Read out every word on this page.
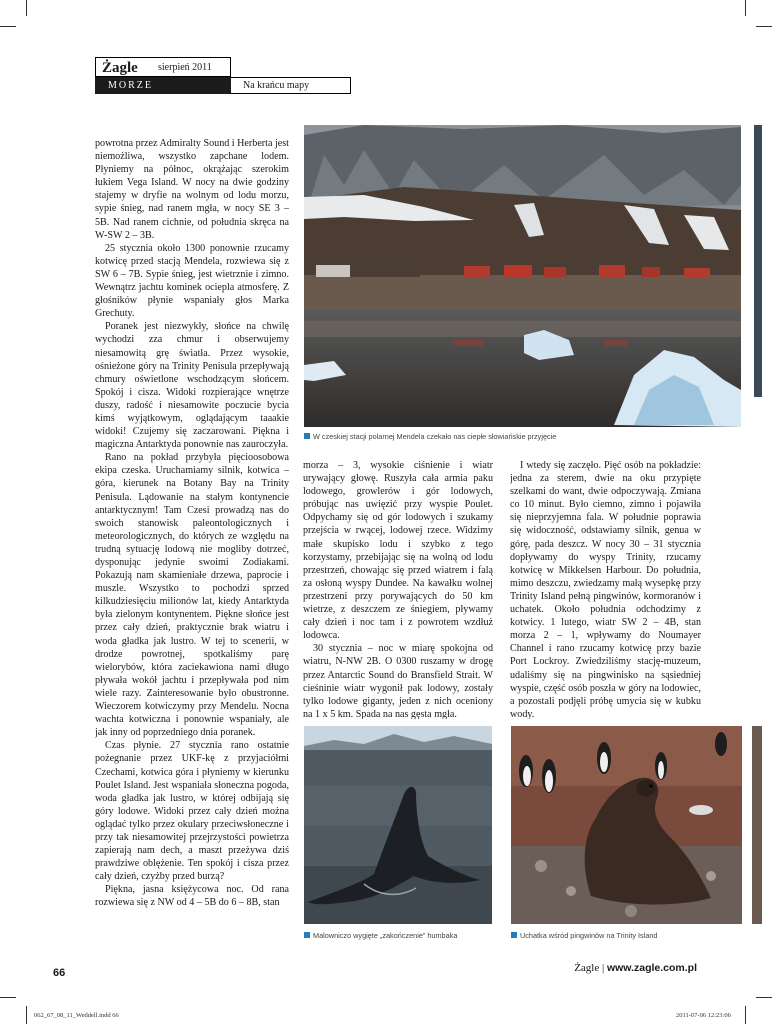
Żagle sierpień 2011
MORZE	Na krańcu mapy

powrotna przez Admiralty Sound i Herberta jest niemożliwa, wszystko zapchane lodem. Płyniemy na północ, okrążając szerokim łukiem Vega Island. W nocy na dwie godziny stajemy w dryfie na wolnym od lodu morzu, sypie śnieg, nad ranem mgła, w nocy SE 3 – 5B. Nad ranem cichnie, od południa skręca na W-SW 2 – 3B.

25 stycznia około 1300 ponownie rzucamy kotwicę przed stacją Mendela, rozwiewa się z SW 6 – 7B. Sypie śnieg, jest wietrznie i zimno. Wewnątrz jachtu kominek ociepla atmosferę. Z głośników płynie wspaniały głos Marka Grechuty.

Poranek jest niezwykły, słońce na chwilę wychodzi zza chmur i obserwujemy niesamowitą grę światła. Przez wysokie, ośnieżone góry na Trinity Penisula przepływają chmury oświetlone wschodzącym słońcem. Spokój i cisza. Widoki rozpierające wnętrze duszy, radość i niesamowite poczucie bycia kimś wyjątkowym, oglądającym taaakie widoki! Czujemy się zaczarowani. Piękna i magiczna Antarktyda ponownie nas zauroczyła.

Rano na pokład przybyła pięcioosobowa ekipa czeska. Uruchamiamy silnik, kotwica – góra, kierunek na Botany Bay na Trinity Penisula. Lądowanie na stałym kontynencie antarktycznym! Tam Czesi prowadzą nas do swoich stanowisk paleontologicznych i meteorologicznych, do których ze względu na trudną sytuację lodową nie mogliby dotrzeć, dysponując jedynie swoimi Zodiakami. Pokazują nam skamieniałe drzewa, paprocie i muszle. Wszystko to pochodzi sprzed kilkudziesięciu milionów lat, kiedy Antarktyda była zielonym kontynentem. Piękne słońce jest przez cały dzień, praktycznie brak wiatru i woda gładka jak lustro. W tej to scenerii, w drodze powrotnej, spotkaliśmy parę wielorybów, która zaciekawiona nami długo pływała wokół jachtu i przepływała pod nim wiele razy. Zainteresowanie było obustronne. Wieczorem kotwiczymy przy Mendelu. Nocna wachta kotwiczna i ponownie wspaniały, ale jak inny od poprzedniego dnia poranek.

Czas płynie. 27 stycznia rano ostatnie pożegnanie przez UKF-kę z przyjaciółmi Czechami, kotwica góra i płyniemy w kierunku Poulet Island. Jest wspaniała słoneczna pogoda, woda gładka jak lustro, w której odbijają się góry lodowe. Widoki przez cały dzień można oglądać tylko przez okulary przeciwsłoneczne i przy tak niesamowitej przejrzystości powietrza zapierają nam dech, a maszt przeżywa dziś prawdziwe oblężenie. Ten spokój i cisza przez cały dzień, czyżby przed burzą?

Piękna, jasna księżycowa noc. Od rana rozwiewa się z NW od 4 – 5B do 6 – 8B, stan

morza – 3, wysokie ciśnienie i wiatr urywający głowę. Ruszyła cała armia paku lodowego, growlerów i gór lodowych, próbując nas uwięzić przy wyspie Poulet. Odpychamy się od gór lodowych i szukamy przejścia w rwącej, lodowej rzece. Widzimy małe skupisko lodu i szybko z tego korzystamy, przebijając się na wolną od lodu przestrzeń, chowając się przed wiatrem i falą za osłoną wyspy Dundee. Na kawałku wolnej przestrzeni przy porywających do 50 km wietrze, z deszczem ze śniegiem, pływamy cały dzień i noc tam i z powrotem wzdłuż lodowca.

30 stycznia – noc w miarę spokojna od wiatru, N-NW 2B. O 0300 ruszamy w drogę przez Antarctic Sound do Bransfield Strait. W cieśninie wiatr wygonił pak lodowy, zostały tylko lodowe giganty, jeden z nich oceniony na 1 x 5 km. Spada na nas gęsta mgła.

I wtedy się zaczęło. Pięć osób na pokładzie: jedna za sterem, dwie na oku przypięte szelkami do want, dwie odpoczywają. Zmiana co 10 minut. Było ciemno, zimno i pojawiła się nieprzyjemna fala. W południe poprawia się widoczność, odstawiamy silnik, genua w górę, pada deszcz. W nocy 30 – 31 stycznia dopływamy do wyspy Trinity, rzucamy kotwicę w Mikkelsen Harbour. Do południa, mimo deszczu, zwiedzamy małą wysepkę przy Trinity Island pełną pingwinów, kormoranów i uchatek. Około południa odchodzimy z kotwicy. 1 lutego, wiatr SW 2 – 4B, stan morza 2 – 1, wpływamy do Noumayer Channel i rano rzucamy kotwicę przy bazie Port Lockroy. Zwiedziliśmy stację-muzeum, udaliśmy się na pingwinisko na sąsiedniej wyspie, część osób poszła w góry na lodowiec, a pozostali podjęli próbę umycia się w kubku wody.

W czeskiej stacji polarnej Mendela czekało nas ciepłe słowiańskie przyjęcie
Malowniczo wygięte „zakończenie” humbaka	Uchatka wśród pingwinów na Trinity Island
66	Żagle | www.zagle.com.pl
062_67_08_11_Weddell.indd 66	2011-07-06 12:23:06
